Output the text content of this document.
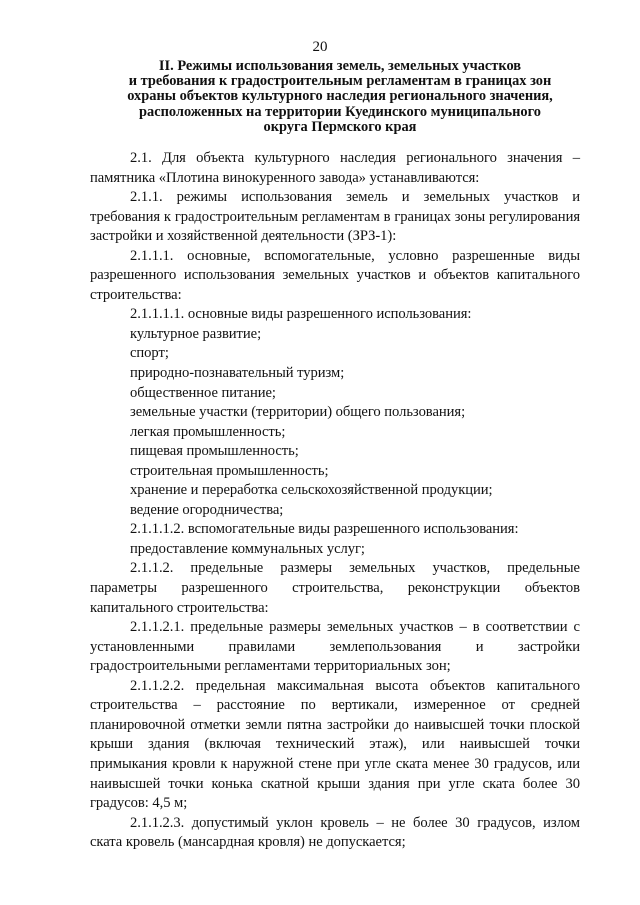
20
II. Режимы использования земель, земельных участков
и требования к градостроительным регламентам в границах зон
охраны объектов культурного наследия регионального значения,
расположенных на территории Куединского муниципального
округа Пермского края

2.1. Для объекта культурного наследия регионального значения – памятника «Плотина винокуренного завода» устанавливаются:

2.1.1. режимы использования земель и земельных участков и требования к градостроительным регламентам в границах зоны регулирования застройки и хозяйственной деятельности (ЗРЗ-1):

2.1.1.1. основные, вспомогательные, условно разрешенные виды разрешенного использования земельных участков и объектов капитального строительства:

2.1.1.1.1. основные виды разрешенного использования:

культурное развитие;

спорт;

природно-познавательный туризм;

общественное питание;

земельные участки (территории) общего пользования;

легкая промышленность;

пищевая промышленность;

строительная промышленность;

хранение и переработка сельскохозяйственной продукции;

ведение огородничества;

2.1.1.1.2. вспомогательные виды разрешенного использования:

предоставление коммунальных услуг;

2.1.1.2. предельные размеры земельных участков, предельные параметры разрешенного строительства, реконструкции объектов капитального строительства:

2.1.1.2.1. предельные размеры земельных участков – в соответствии с установленными правилами землепользования и застройки градостроительными регламентами территориальных зон;

2.1.1.2.2. предельная максимальная высота объектов капитального строительства – расстояние по вертикали, измеренное от средней планировочной отметки земли пятна застройки до наивысшей точки плоской крыши здания (включая технический этаж), или наивысшей точки примыкания кровли к наружной стене при угле ската менее 30 градусов, или наивысшей точки конька скатной крыши здания при угле ската более 30 градусов: 4,5 м;

2.1.1.2.3. допустимый уклон кровель – не более 30 градусов, излом ската кровель (мансардная кровля) не допускается;
